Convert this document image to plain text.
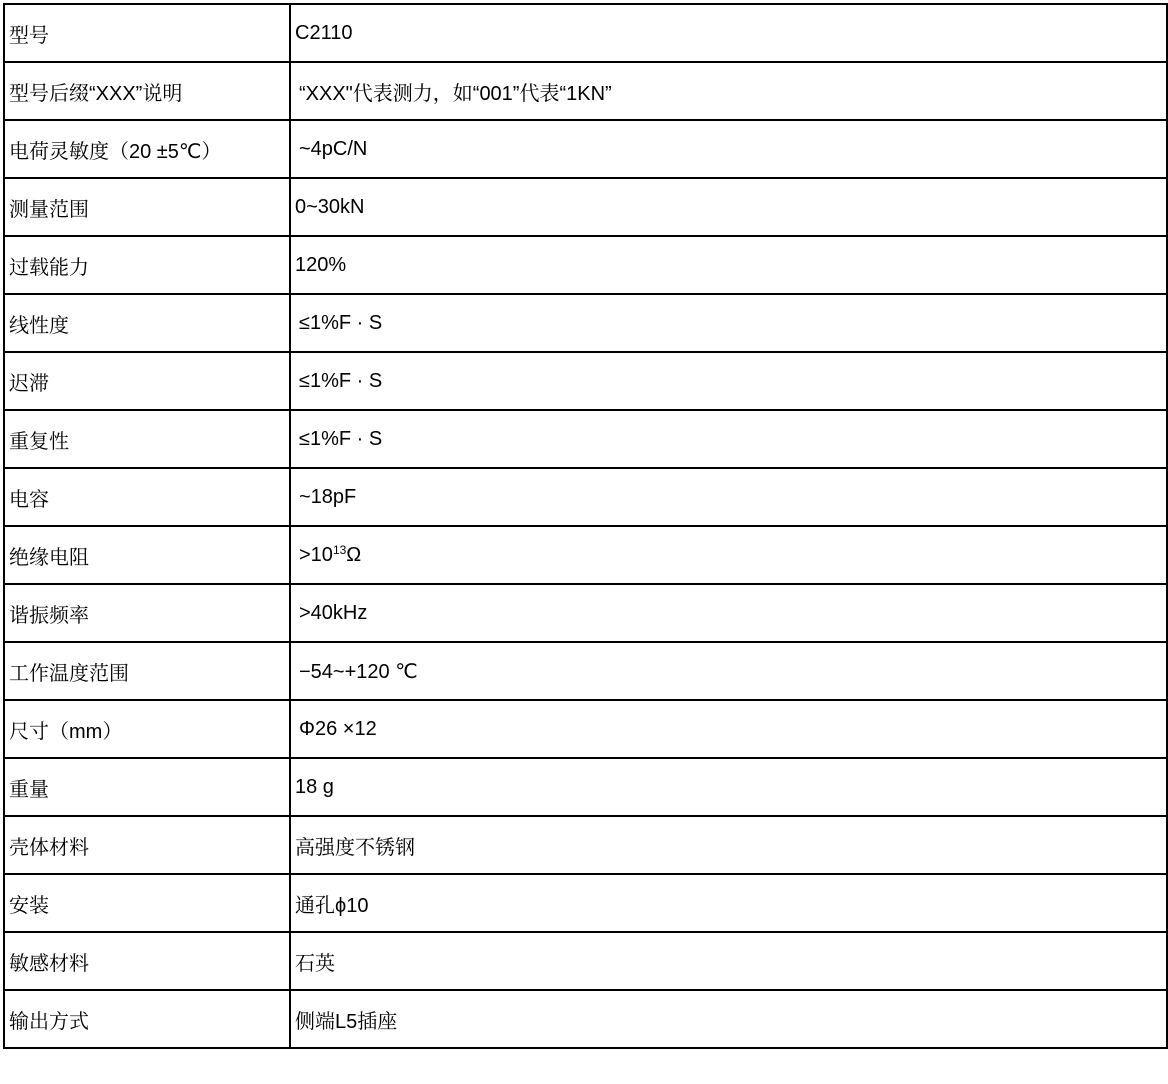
型号	C2110
型号后缀“XXX”说明	“XXX"代表测力，如“001”代表“1KN”
电荷灵敏度（20 ±5℃）	~4pC/N
测量范围	0~30kN
过载能力	120%
线性度	≤1%F · S
迟滞	≤1%F · S
重复性	≤1%F · S
电容	~18pF
绝缘电阻	$>10^{13}\Omega$
谐振频率	>40kHz
工作温度范围	−54~+120 ℃
尺寸（mm）	Φ26 ×12
重量	18 g
壳体材料	高强度不锈钢
安装	通孔ϕ10
敏感材料	石英
输出方式	侧端L5插座
